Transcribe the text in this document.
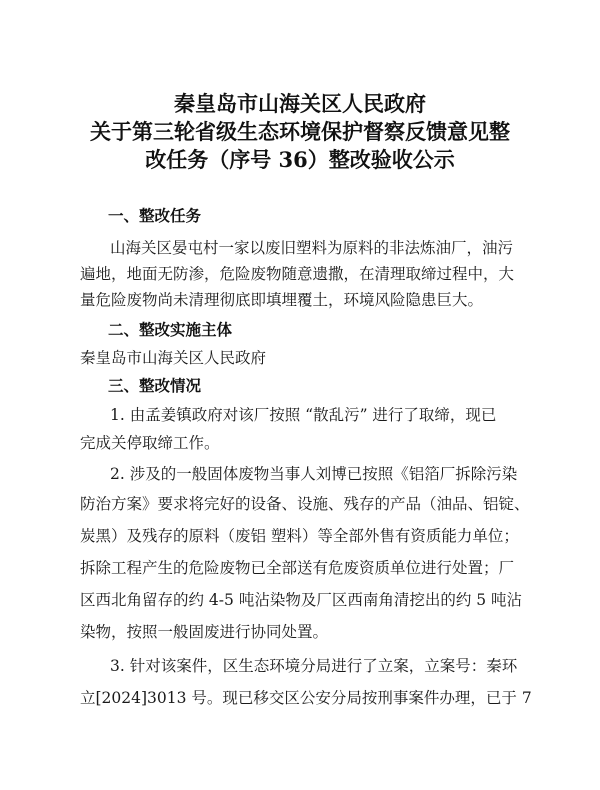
秦皇岛市山海关区人民政府
关于第三轮省级生态环境保护督察反馈意见整
改任务（序号 36）整改验收公示
一、整改任务
山海关区晏屯村一家以废旧塑料为原料的非法炼油厂，油污
遍地，地面无防渗，危险废物随意遗撒，在清理取缔过程中，大
量危险废物尚未清理彻底即填埋覆土，环境风险隐患巨大。
二、整改实施主体
秦皇岛市山海关区人民政府
三、整改情况
1. 由孟姜镇政府对该厂按照 “散乱污” 进行了取缔，现已
完成关停取缔工作。
2. 涉及的一般固体废物当事人刘博已按照《铝箔厂拆除污染
防治方案》要求将完好的设备、设施、残存的产品（油品、铝锭、
炭黑）及残存的原料（废铝 塑料）等全部外售有资质能力单位；
拆除工程产生的危险废物已全部送有危废资质单位进行处置；厂
区西北角留存的约 4-5 吨沾染物及厂区西南角清挖出的约 5 吨沾
染物，按照一般固废进行协同处置。
3. 针对该案件，区生态环境分局进行了立案，立案号：秦环
立[2024]3013 号。现已移交区公安分局按刑事案件办理，已于 7
